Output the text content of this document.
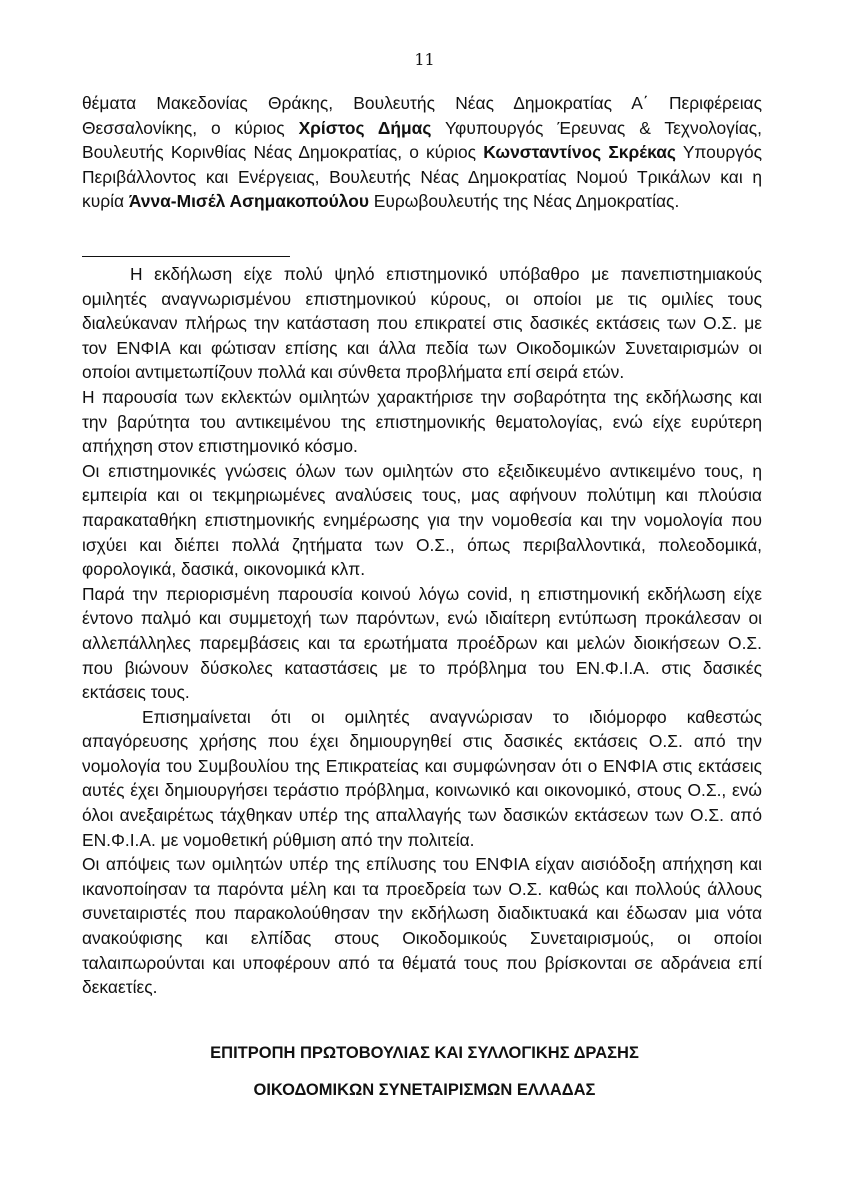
11
θέματα Μακεδονίας Θράκης, Βουλευτής Νέας Δημοκρατίας Α΄ Περιφέρειας Θεσσαλονίκης, ο κύριος Χρίστος Δήμας Υφυπουργός Έρευνας & Τεχνολογίας, Βουλευτής Κορινθίας Νέας Δημοκρατίας, ο κύριος Κωνσταντίνος Σκρέκας Υπουργός Περιβάλλοντος και Ενέργειας, Βουλευτής Νέας Δημοκρατίας Νομού Τρικάλων και η κυρία Άννα-Μισέλ Ασημακοπούλου Ευρωβουλευτής της Νέας Δημοκρατίας.

Η εκδήλωση είχε πολύ ψηλό επιστημονικό υπόβαθρο με πανεπιστημιακούς ομιλητές αναγνωρισμένου επιστημονικού κύρους, οι οποίοι με τις ομιλίες τους διαλεύκαναν πλήρως την κατάσταση που επικρατεί στις δασικές εκτάσεις των Ο.Σ. με τον ΕΝΦΙΑ και φώτισαν επίσης και άλλα πεδία των Οικοδομικών Συνεταιρισμών οι οποίοι αντιμετωπίζουν πολλά και σύνθετα προβλήματα επί σειρά ετών.

Η παρουσία των εκλεκτών ομιλητών χαρακτήρισε την σοβαρότητα της εκδήλωσης και την βαρύτητα του αντικειμένου της επιστημονικής θεματολογίας, ενώ είχε ευρύτερη απήχηση στον επιστημονικό κόσμο.

Οι επιστημονικές γνώσεις όλων των ομιλητών στο εξειδικευμένο αντικειμένο τους, η εμπειρία και οι τεκμηριωμένες αναλύσεις τους, μας αφήνουν πολύτιμη και πλούσια παρακαταθήκη επιστημονικής ενημέρωσης για την νομοθεσία και την νομολογία που ισχύει και διέπει πολλά ζητήματα των Ο.Σ., όπως περιβαλλοντικά, πολεοδομικά, φορολογικά, δασικά, οικονομικά κλπ.

Παρά την περιορισμένη παρουσία κοινού λόγω covid, η επιστημονική εκδήλωση είχε έντονο παλμό και συμμετοχή των παρόντων, ενώ ιδιαίτερη εντύπωση προκάλεσαν οι αλλεπάλληλες παρεμβάσεις και τα ερωτήματα προέδρων και μελών διοικήσεων Ο.Σ. που βιώνουν δύσκολες καταστάσεις με το πρόβλημα του ΕΝ.Φ.Ι.Α. στις δασικές εκτάσεις τους.

Επισημαίνεται ότι οι ομιλητές αναγνώρισαν το ιδιόμορφο καθεστώς απαγόρευσης χρήσης που έχει δημιουργηθεί στις δασικές εκτάσεις Ο.Σ. από την νομολογία του Συμβουλίου της Επικρατείας και συμφώνησαν ότι ο ΕΝΦΙΑ στις εκτάσεις αυτές έχει δημιουργήσει τεράστιο πρόβλημα, κοινωνικό και οικονομικό, στους Ο.Σ., ενώ όλοι ανεξαιρέτως τάχθηκαν υπέρ της απαλλαγής των δασικών εκτάσεων των Ο.Σ. από ΕΝ.Φ.Ι.Α. με νομοθετική ρύθμιση από την πολιτεία.

Οι απόψεις των ομιλητών υπέρ της επίλυσης του ΕΝΦΙΑ είχαν αισιόδοξη απήχηση και ικανοποίησαν τα παρόντα μέλη και τα προεδρεία των Ο.Σ. καθώς και πολλούς άλλους συνεταιριστές που παρακολούθησαν την εκδήλωση διαδικτυακά και έδωσαν μια νότα ανακούφισης και ελπίδας στους Οικοδομικούς Συνεταιρισμούς, οι οποίοι ταλαιπωρούνται και υποφέρουν από τα θέματά τους που βρίσκονται σε αδράνεια επί δεκαετίες.

ΕΠΙΤΡΟΠΗ ΠΡΩΤΟΒΟΥΛΙΑΣ ΚΑΙ ΣΥΛΛΟΓΙΚΗΣ ΔΡΑΣΗΣ
ΟΙΚΟΔΟΜΙΚΩΝ ΣΥΝΕΤΑΙΡΙΣΜΩΝ ΕΛΛΑΔΑΣ
